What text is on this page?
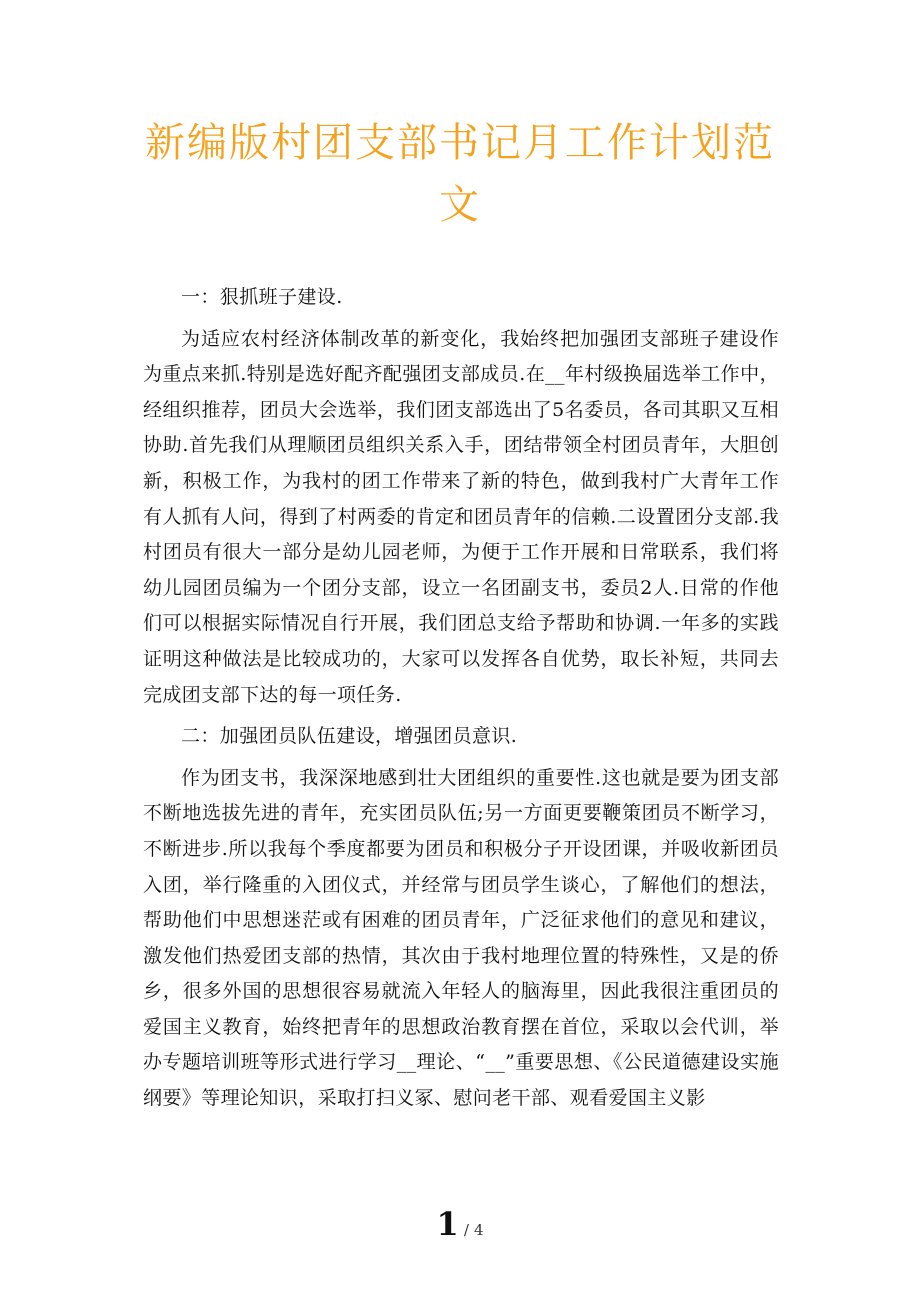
新编版村团支部书记月工作计划范
文

一：狠抓班子建设.

为适应农村经济体制改革的新变化，我始终把加强团支部班子建设作为重点来抓.特别是选好配齐配强团支部成员.在__年村级换届选举工作中，经组织推荐，团员大会选举，我们团支部选出了5名委员，各司其职又互相协助.首先我们从理顺团员组织关系入手，团结带领全村团员青年，大胆创新，积极工作，为我村的团工作带来了新的特色，做到我村广大青年工作有人抓有人问，得到了村两委的肯定和团员青年的信赖.二设置团分支部.我村团员有很大一部分是幼儿园老师，为便于工作开展和日常联系，我们将幼儿园团员编为一个团分支部，设立一名团副支书，委员2人.日常的作他们可以根据实际情况自行开展，我们团总支给予帮助和协调.一年多的实践证明这种做法是比较成功的，大家可以发挥各自优势，取长补短，共同去完成团支部下达的每一项任务.

二：加强团员队伍建设，增强团员意识.

作为团支书，我深深地感到壮大团组织的重要性.这也就是要为团支部不断地选拔先进的青年，充实团员队伍;另一方面更要鞭策团员不断学习，不断进步.所以我每个季度都要为团员和积极分子开设团课，并吸收新团员入团，举行隆重的入团仪式，并经常与团员学生谈心，了解他们的想法，帮助他们中思想迷茫或有困难的团员青年，广泛征求他们的意见和建议，激发他们热爱团支部的热情，其次由于我村地理位置的特殊性，又是的侨乡，很多外国的思想很容易就流入年轻人的脑海里，因此我很注重团员的爱国主义教育，始终把青年的思想政治教育摆在首位，采取以会代训，举办专题培训班等形式进行学习__理论、“__”重要思想、《公民道德建设实施纲要》等理论知识，采取打扫义冢、慰问老干部、观看爱国主义影

1 / 4
